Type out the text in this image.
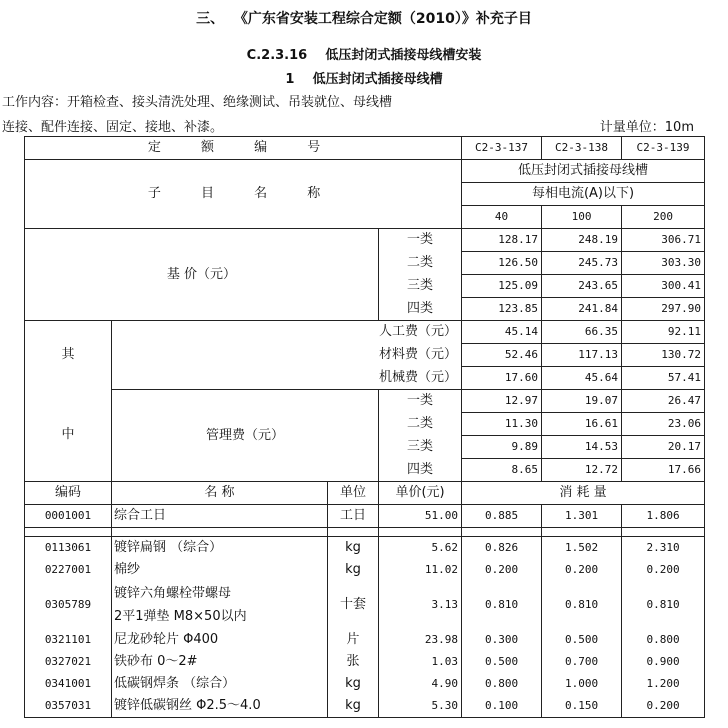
三、  《广东省安装工程综合定额（2010）》补充子目
C.2.3.16    低压封闭式插接母线槽安装
1    低压封闭式插接母线槽
工作内容：开箱检查、接头清洗处理、绝缘测试、吊装就位、母线槽
连接、配件连接、固定、接地、补漆。	计量单位：10m
定 额 编 号				C2-3-137	C2-3-138	C2-3-139
子 目 名 称				低压封闭式插接母线槽		
				每相电流(A)以下)		
				40	100	200
基 价（元）			一类	128.17	248.19	306.71
			二类	126.50	245.73	303.30
			三类	125.09	243.65	300.41
			四类	123.85	241.84	297.90
其	人工费（元）			45.14	66.35	92.11
	材料费（元）			52.46	117.13	130.72
	机械费（元）			17.60	45.64	57.41
中	管理费（元）		一类	12.97	19.07	26.47
			二类	11.30	16.61	23.06
			三类	9.89	14.53	20.17
			四类	8.65	12.72	17.66
编码	名 称	单位	单价(元)	消 耗 量		
0001001	综合工日	工日	51.00	0.885	1.301	1.806

0113061	镀锌扁钢 （综合）	kg	5.62	0.826	1.502	2.310
0227001	棉纱	kg	11.02	0.200	0.200	0.200
0305789	镀锌六角螺栓带螺母
2平1弹垫 M8×50以内	十套	3.13	0.810	0.810	0.810
0321101	尼龙砂轮片 Φ400	片	23.98	0.300	0.500	0.800
0327021	铁砂布 0～2#	张	1.03	0.500	0.700	0.900
0341001	低碳钢焊条 （综合）	kg	4.90	0.800	1.000	1.200
0357031	镀锌低碳钢丝 Φ2.5～4.0	kg	5.30	0.100	0.150	0.200
